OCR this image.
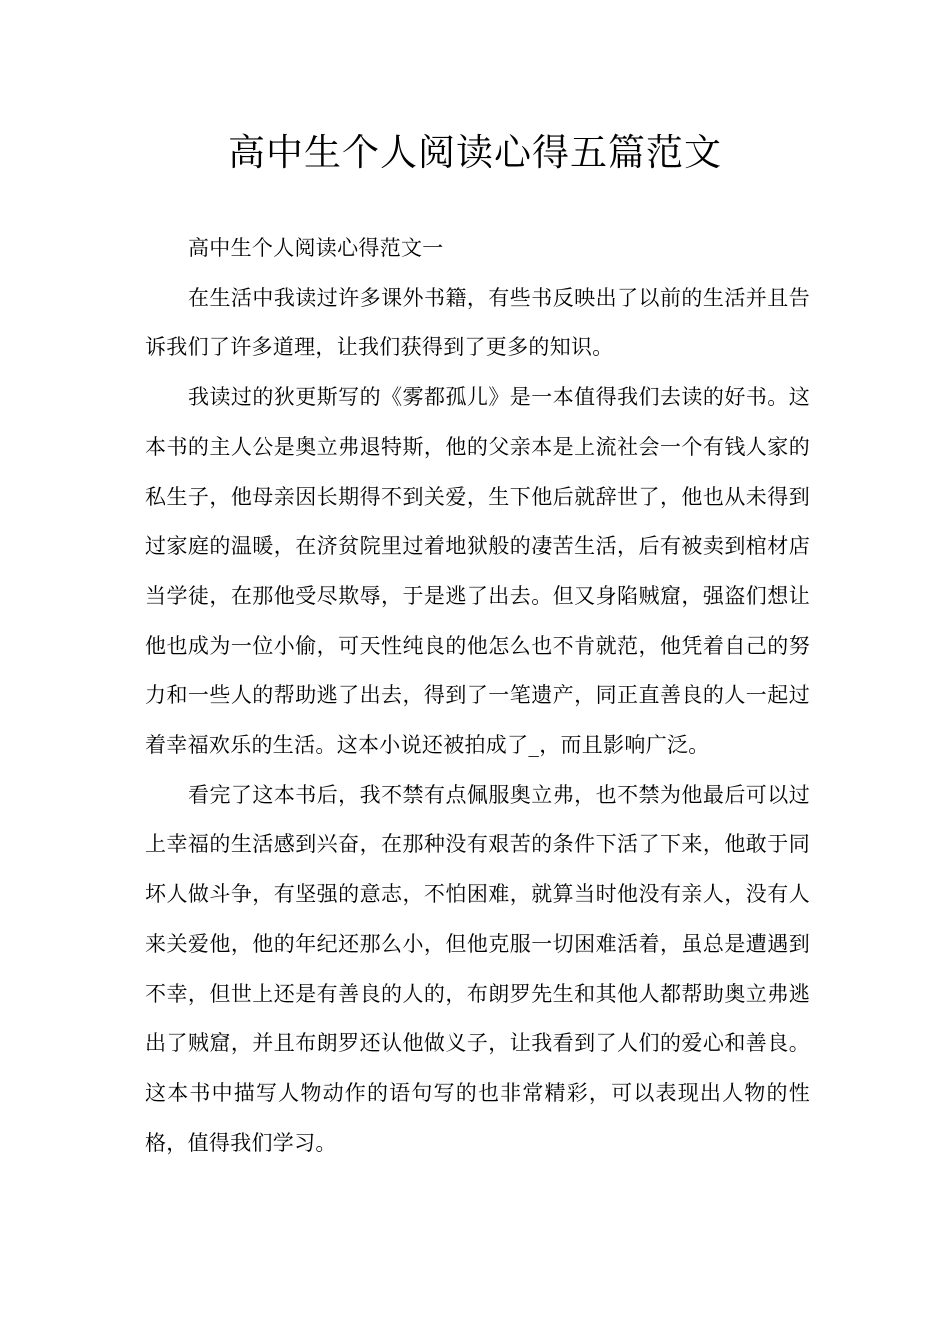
高中生个人阅读心得五篇范文

高中生个人阅读心得范文一

在生活中我读过许多课外书籍，有些书反映出了以前的生活并且告诉我们了许多道理，让我们获得到了更多的知识。

我读过的狄更斯写的《雾都孤儿》是一本值得我们去读的好书。这本书的主人公是奥立弗退特斯，他的父亲本是上流社会一个有钱人家的私生子，他母亲因长期得不到关爱，生下他后就辞世了，他也从未得到过家庭的温暖，在济贫院里过着地狱般的凄苦生活，后有被卖到棺材店当学徒，在那他受尽欺辱，于是逃了出去。但又身陷贼窟，强盗们想让他也成为一位小偷，可天性纯良的他怎么也不肯就范，他凭着自己的努力和一些人的帮助逃了出去，得到了一笔遗产，同正直善良的人一起过着幸福欢乐的生活。这本小说还被拍成了_，而且影响广泛。

看完了这本书后，我不禁有点佩服奥立弗，也不禁为他最后可以过上幸福的生活感到兴奋，在那种没有艰苦的条件下活了下来，他敢于同坏人做斗争，有坚强的意志，不怕困难，就算当时他没有亲人，没有人来关爱他，他的年纪还那么小，但他克服一切困难活着，虽总是遭遇到不幸，但世上还是有善良的人的，布朗罗先生和其他人都帮助奥立弗逃出了贼窟，并且布朗罗还认他做义子，让我看到了人们的爱心和善良。这本书中描写人物动作的语句写的也非常精彩，可以表现出人物的性格，值得我们学习。
